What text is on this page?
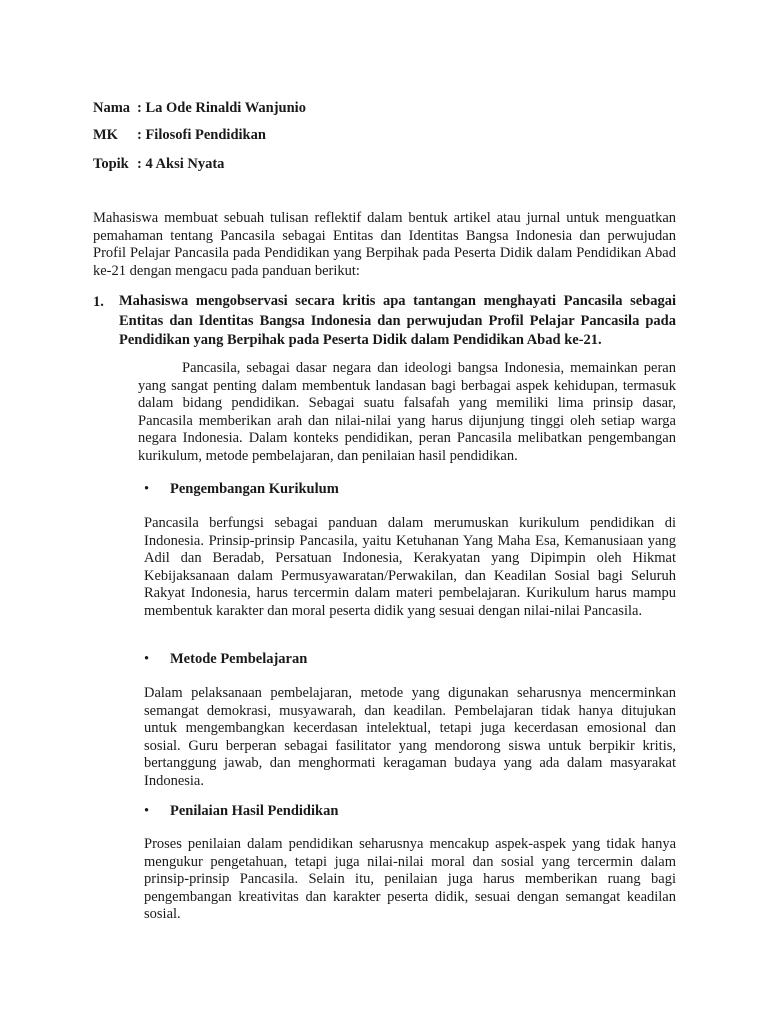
Nama : La Ode Rinaldi Wanjunio
MK : Filosofi Pendidikan
Topik : 4 Aksi Nyata
Mahasiswa membuat sebuah tulisan reflektif dalam bentuk artikel atau jurnal untuk menguatkan pemahaman tentang Pancasila sebagai Entitas dan Identitas Bangsa Indonesia dan perwujudan Profil Pelajar Pancasila pada Pendidikan yang Berpihak pada Peserta Didik dalam Pendidikan Abad ke-21 dengan mengacu pada panduan berikut:
1. Mahasiswa mengobservasi secara kritis apa tantangan menghayati Pancasila sebagai Entitas dan Identitas Bangsa Indonesia dan perwujudan Profil Pelajar Pancasila pada Pendidikan yang Berpihak pada Peserta Didik dalam Pendidikan Abad ke-21.
Pancasila, sebagai dasar negara dan ideologi bangsa Indonesia, memainkan peran yang sangat penting dalam membentuk landasan bagi berbagai aspek kehidupan, termasuk dalam bidang pendidikan. Sebagai suatu falsafah yang memiliki lima prinsip dasar, Pancasila memberikan arah dan nilai-nilai yang harus dijunjung tinggi oleh setiap warga negara Indonesia. Dalam konteks pendidikan, peran Pancasila melibatkan pengembangan kurikulum, metode pembelajaran, dan penilaian hasil pendidikan.
• Pengembangan Kurikulum
Pancasila berfungsi sebagai panduan dalam merumuskan kurikulum pendidikan di Indonesia. Prinsip-prinsip Pancasila, yaitu Ketuhanan Yang Maha Esa, Kemanusiaan yang Adil dan Beradab, Persatuan Indonesia, Kerakyatan yang Dipimpin oleh Hikmat Kebijaksanaan dalam Permusyawaratan/Perwakilan, dan Keadilan Sosial bagi Seluruh Rakyat Indonesia, harus tercermin dalam materi pembelajaran. Kurikulum harus mampu membentuk karakter dan moral peserta didik yang sesuai dengan nilai-nilai Pancasila.
• Metode Pembelajaran
Dalam pelaksanaan pembelajaran, metode yang digunakan seharusnya mencerminkan semangat demokrasi, musyawarah, dan keadilan. Pembelajaran tidak hanya ditujukan untuk mengembangkan kecerdasan intelektual, tetapi juga kecerdasan emosional dan sosial. Guru berperan sebagai fasilitator yang mendorong siswa untuk berpikir kritis, bertanggung jawab, dan menghormati keragaman budaya yang ada dalam masyarakat Indonesia.
• Penilaian Hasil Pendidikan
Proses penilaian dalam pendidikan seharusnya mencakup aspek-aspek yang tidak hanya mengukur pengetahuan, tetapi juga nilai-nilai moral dan sosial yang tercermin dalam prinsip-prinsip Pancasila. Selain itu, penilaian juga harus memberikan ruang bagi pengembangan kreativitas dan karakter peserta didik, sesuai dengan semangat keadilan sosial.
